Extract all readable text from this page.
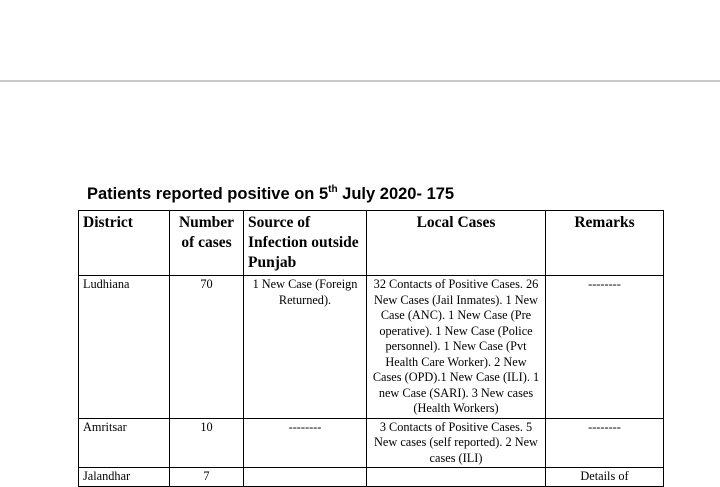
Patients reported positive on 5th July 2020- 175
District	Number of cases	Source of Infection outside Punjab	Local Cases	Remarks
Ludhiana	70	1 New Case (Foreign Returned).	32 Contacts of Positive Cases. 26 New Cases (Jail Inmates). 1 New Case (ANC). 1 New Case (Pre operative). 1 New Case (Police personnel). 1 New Case (Pvt Health Care Worker). 2 New Cases (OPD).1 New Case (ILI). 1 new Case (SARI). 3 New cases (Health Workers)	--------
Amritsar	10	--------	3 Contacts of Positive Cases. 5 New cases (self reported). 2 New cases (ILI)	--------
Jalandhar	7			Details of
